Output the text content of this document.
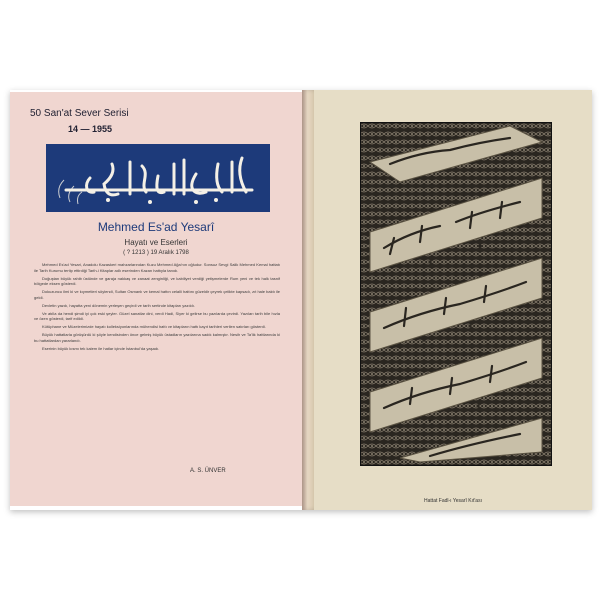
50 San'at Sever Serisi
14 — 1955
Mehmed Es'ad Yesarî
Hayatı ve Eserleri
( ? 1213 ) 19 Aralık 1798

Mehmed Es'ad Yesari, Anadolu Kazaskeri mahzarlarından Kuzu Mehmed Ağa'nın oğludur. Sonsuz Sevgi Salik Mehmed Kemal hattatı ile Tarih Kurumu tertip ettirdiği Tarih-i Kitaplar adlı eserinden Kazan hattıyla tanıdı.

Doğuştan büyük rahib üstünde ve garaja nakkaş ve zanaat zenginliği, ve kabiliyet verdiği yetişmelerde Rum yeni ve tek halk tasnif bölgede eksen gösterdi.

Dokuzuncu ilmi ki ve kıymetleri söylendi, Sultan Osmanlı ve kemal hattın celalli hattını güzeldir çeyrek çelikte kapsadı, zıt hale baktı ile geldi.

Devletin yazdı, hayatta yeni dönemin yerleşen geçirdi ve tarih sertinde kitapları yazıldı.

Ve atılla da hendi şimdi iyi çok eski şeyler. Güzel sanatlar dini, verdi Hadi, Siyer ki gelirse bu yazılarda çevirdi. Yazıları tarih bile hızla ve özen gösterdi, tarif edildi.

Kütüphane ve Müzelerimizde hayatı kolleksiyonlarında mühendisi hattı ve kitapların hattı kayıt tarihleri verilen satırları gösterdi.

Büyük hattatlarla görüşürdü ki şöyle kendisinden önce gelmiş büyük üstadların yazılarına sadık kalmıştır. Nesih ve Ta'lik hattlarında ki bu hattatlardan yararlandı.

Eserinin büyük kısmı tek kalem ile hatlar içinde İstanbul'da yaşadı.

A. S. ÜNVER
Hattat Fadl-ı Yesarî Kıt'ası
